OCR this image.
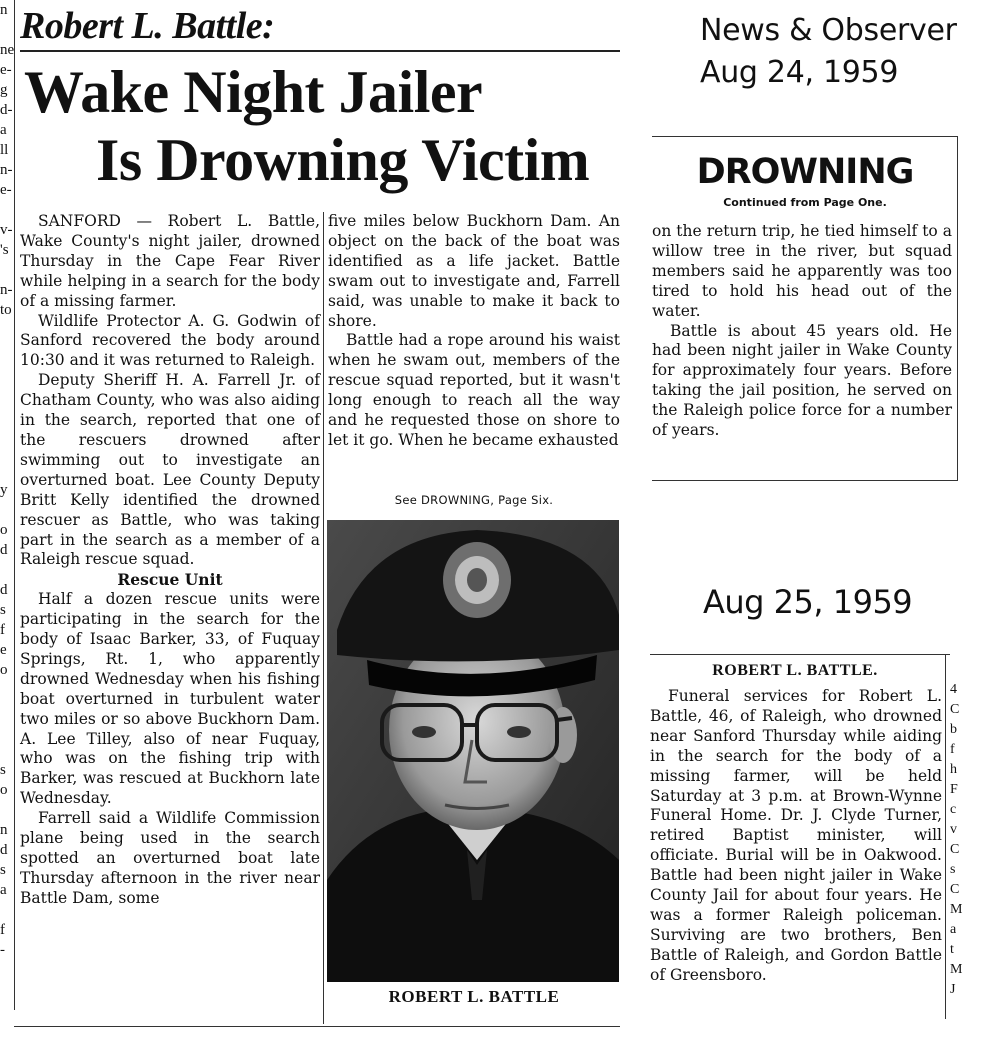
n

ne
e-
g
d-
a
ll
n-
e-

v-
's

n-
to

y

o
d

d
s
f
e
o

s
o

n
d
s
a

f
-
Robert L. Battle:
Wake Night Jailer
Is Drowning Victim

SANFORD — Robert L. Battle, Wake County's night jailer, drowned Thursday in the Cape Fear River while helping in a search for the body of a missing farmer.

Wildlife Protector A. G. Godwin of Sanford recovered the body around 10:30 and it was returned to Raleigh.

Deputy Sheriff H. A. Farrell Jr. of Chatham County, who was also aiding in the search, reported that one of the rescuers drowned after swimming out to investigate an overturned boat. Lee County Deputy Britt Kelly identified the drowned rescuer as Battle, who was taking part in the search as a member of a Raleigh rescue squad.

Rescue Unit

Half a dozen rescue units were participating in the search for the body of Isaac Barker, 33, of Fuquay Springs, Rt. 1, who apparently drowned Wednesday when his fishing boat overturned in turbulent water two miles or so above Buckhorn Dam. A. Lee Tilley, also of near Fuquay, who was on the fishing trip with Barker, was rescued at Buckhorn late Wednesday.

Farrell said a Wildlife Commission plane being used in the search spotted an overturned boat late Thursday afternoon in the river near Battle Dam, some

five miles below Buckhorn Dam. An object on the back of the boat was identified as a life jacket. Battle swam out to investigate and, Farrell said, was unable to make it back to shore.

Battle had a rope around his waist when he swam out, members of the rescue squad reported, but it wasn't long enough to reach all the way and he requested those on shore to let it go. When he became exhausted

See DROWNING, Page Six.
ROBERT L. BATTLE
News & Observer
Aug 24, 1959
DROWNING
Continued from Page One.

on the return trip, he tied himself to a willow tree in the river, but squad members said he apparently was too tired to hold his head out of the water.

Battle is about 45 years old. He had been night jailer in Wake County for approximately four years. Before taking the jail position, he served on the Raleigh police force for a number of years.

Aug 25, 1959
ROBERT L. BATTLE.

Funeral services for Robert L. Battle, 46, of Raleigh, who drowned near Sanford Thursday while aiding in the search for the body of a missing farmer, will be held Saturday at 3 p.m. at Brown-Wynne Funeral Home. Dr. J. Clyde Turner, retired Baptist minister, will officiate. Burial will be in Oakwood. Battle had been night jailer in Wake County Jail for about four years. He was a former Raleigh policeman. Surviving are two brothers, Ben Battle of Raleigh, and Gordon Battle of Greensboro.

4
C
b
f
h
F
c
v
C
s
C
M
a
t
M
J
